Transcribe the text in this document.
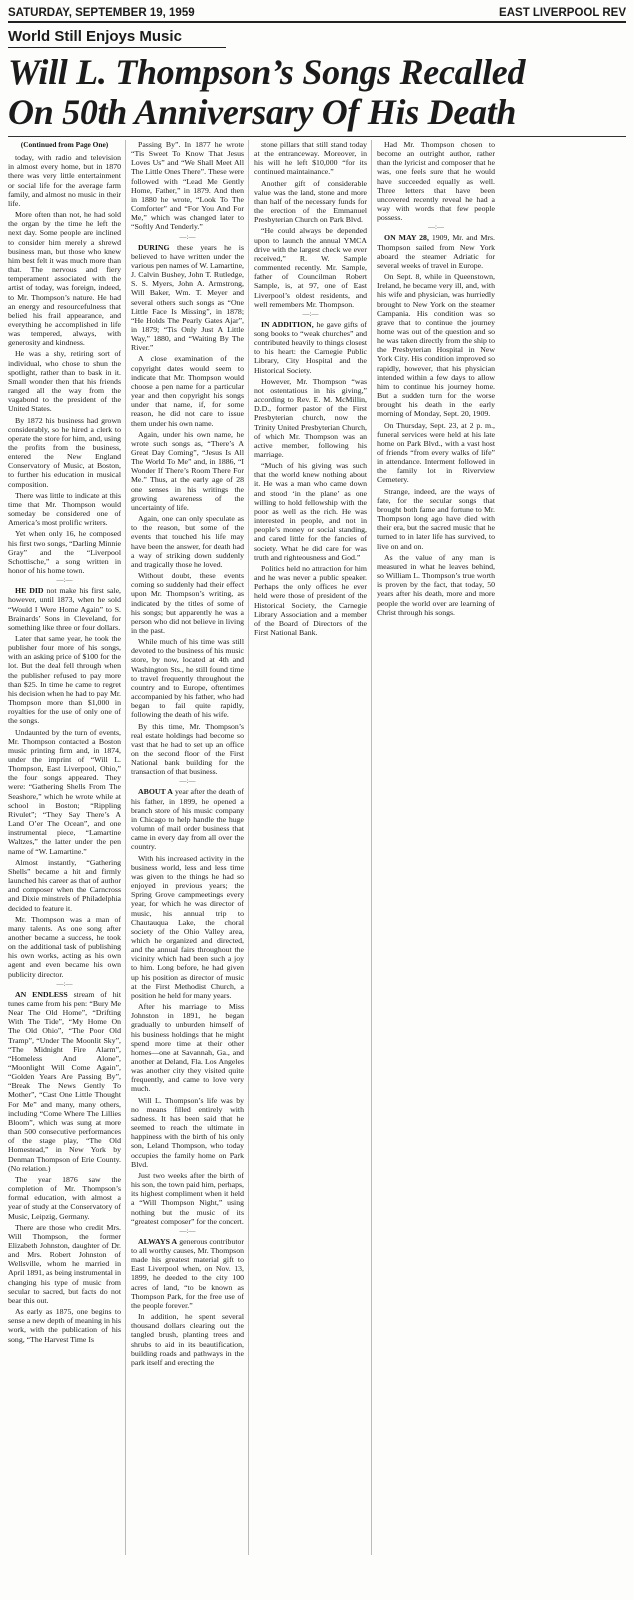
SATURDAY, SEPTEMBER 19, 1959	EAST LIVERPOOL REV
World Still Enjoys Music
Will L. Thompson’s Songs Recalled
On 50th Anniversary Of His Death

(Continued from Page One)

today, with radio and television in almost every home, but in 1870 there was very little entertainment or social life for the average farm family, and almost no music in their life.

More often than not, he had sold the organ by the time he left the next day. Some people are inclined to consider him merely a shrewd business man, but those who knew him best felt it was much more than that. The nervous and fiery temperament associated with the artist of today, was foreign, indeed, to Mr. Thompson’s nature. He had an energy and resourcefulness that belied his frail appearance, and everything he accomplished in life was tempered, always, with generosity and kindness.

He was a shy, retiring sort of individual, who chose to shun the spotlight, rather than to bask in it. Small wonder then that his friends ranged all the way from the vagabond to the president of the United States.

By 1872 his business had grown considerably, so he hired a clerk to operate the store for him, and, using the profits from the business, entered the New England Conservatory of Music, at Boston, to further his education in musical composition.

There was little to indicate at this time that Mr. Thompson would someday be considered one of America’s most prolific writers.

Yet when only 16, he composed his first two songs, “Darling Minnie Gray” and the “Liverpool Schottische,” a song written in honor of his home town.

—:—

HE DID not make his first sale, however, until 1873, when he sold “Would I Were Home Again” to S. Brainards’ Sons in Cleveland, for something like three or four dollars.

Later that same year, he took the publisher four more of his songs, with an asking price of $100 for the lot. But the deal fell through when the publisher refused to pay more than $25. In time he came to regret his decision when he had to pay Mr. Thompson more than $1,000 in royalties for the use of only one of the songs.

Undaunted by the turn of events, Mr. Thompson contacted a Boston music printing firm and, in 1874, under the imprint of “Will L. Thompson, East Liverpool, Ohio,” the four songs appeared. They were: “Gathering Shells From The Seashore,” which he wrote while at school in Boston; “Rippling Rivulet”; “They Say There’s A Land O’er The Ocean”, and one instrumental piece, “Lamartine Waltzes,” the latter under the pen name of “W. Lamartine.”

Almost instantly, “Gathering Shells” became a hit and firmly launched his career as that of author and composer when the Carncross and Dixie minstrels of Philadelphia decided to feature it.

Mr. Thompson was a man of many talents. As one song after another became a success, he took on the additional task of publishing his own works, acting as his own agent and even became his own publicity director.

—:—

AN ENDLESS stream of hit tunes came from his pen: “Bury Me Near The Old Home”, “Drifting With The Tide”, “My Home On The Old Ohio”, “The Poor Old Tramp”, “Under The Moonlit Sky”, “The Midnight Fire Alarm”, “Homeless And Alone”, “Moonlight Will Come Again”, “Golden Years Are Passing By”, “Break The News Gently To Mother”, “Cast One Little Thought For Me” and many, many others, including “Come Where The Lillies Bloom”, which was sung at more than 500 consecutive performances of the stage play, “The Old Homestead,” in New York by Denman Thompson of Erie County. (No relation.)

The year 1876 saw the completion of Mr. Thompson’s formal education, with almost a year of study at the Conservatory of Music, Leipzig, Germany.

There are those who credit Mrs. Will Thompson, the former Elizabeth Johnston, daughter of Dr. and Mrs. Robert Johnston of Wellsville, whom he married in April 1891, as being instrumental in changing his type of music from secular to sacred, but facts do not bear this out.

As early as 1875, one begins to sense a new depth of meaning in his work, with the publication of his song, “The Harvest Time Is

Passing By”. In 1877 he wrote “Tis Sweet To Know That Jesus Loves Us” and “We Shall Meet All The Little Ones There”. These were followed with “Lead Me Gently Home, Father,” in 1879. And then in 1880 he wrote, “Look To The Comforter” and “For You And For Me,” which was changed later to “Softly And Tenderly.”

—:—

DURING these years he is believed to have written under the various pen names of W. Lamartine, J. Calvin Bushey, John T. Rutledge, S. S. Myers, John A. Armstrong, Will Baker, Wm. T. Meyer and several others such songs as “One Little Face Is Missing”, in 1878; “He Holds The Pearly Gates Ajar”, in 1879; “Tis Only Just A Little Way,” 1880, and “Waiting By The River.”

A close examination of the copyright dates would seem to indicate that Mr. Thompson would choose a pen name for a particular year and then copyright his songs under that name, if, for some reason, he did not care to issue them under his own name.

Again, under his own name, he wrote such songs as, “There’s A Great Day Coming”, “Jesus Is All The World To Me” and, in 1886, “I Wonder If There’s Room There For Me.” Thus, at the early age of 28 one senses in his writings the growing awareness of the uncertainty of life.

Again, one can only speculate as to the reason, but some of the events that touched his life may have been the answer, for death had a way of striking down suddenly and tragically those he loved.

Without doubt, these events coming so suddenly had their effect upon Mr. Thompson’s writing, as indicated by the titles of some of his songs; but apparently he was a person who did not believe in living in the past.

While much of his time was still devoted to the business of his music store, by now, located at 4th and Washington Sts., he still found time to travel frequently throughout the country and to Europe, oftentimes accompanied by his father, who had began to fail quite rapidly, following the death of his wife.

By this time, Mr. Thompson’s real estate holdings had become so vast that he had to set up an office on the second floor of the First National bank building for the transaction of that business.

—:—

ABOUT A year after the death of his father, in 1899, he opened a branch store of his music company in Chicago to help handle the huge volumn of mail order business that came in every day from all over the country.

With his increased activity in the business world, less and less time was given to the things he had so enjoyed in previous years; the Spring Grove campmeetings every year, for which he was director of music, his annual trip to Chautauqua Lake, the choral society of the Ohio Valley area, which he organized and directed, and the annual fairs throughout the vicinity which had been such a joy to him. Long before, he had given up his position as director of music at the First Methodist Church, a position he held for many years.

After his marriage to Miss Johnston in 1891, he began gradually to unburden himself of his business holdings that he might spend more time at their other homes—one at Savannah, Ga., and another at Deland, Fla. Los Angeles was another city they visited quite frequently, and came to love very much.

Will L. Thompson’s life was by no means filled entirely with sadness. It has been said that he seemed to reach the ultimate in happiness with the birth of his only son, Leland Thompson, who today occupies the family home on Park Blvd.

Just two weeks after the birth of his son, the town paid him, perhaps, its highest compliment when it held a “Will Thompson Night,” using nothing but the music of its “greatest composer” for the concert.

—:—

ALWAYS A generous contributor to all worthy causes, Mr. Thompson made his greatest material gift to East Liverpool when, on Nov. 13, 1899, he deeded to the city 100 acres of land, “to be known as Thompson Park, for the free use of the people forever.”

In addition, he spent several thousand dollars clearing out the tangled brush, planting trees and shrubs to aid in its beautification, building roads and pathways in the park itself and erecting the

stone pillars that still stand today at the entranceway. Moreover, in his will he left $10,000 “for its continued maintainance.”

Another gift of considerable value was the land, stone and more than half of the necessary funds for the erection of the Emmanuel Presbyterian Church on Park Blvd.

“He could always be depended upon to launch the annual YMCA drive with the largest check we ever received,” R. W. Sample commented recently. Mr. Sample, father of Councilman Robert Sample, is, at 97, one of East Liverpool’s oldest residents, and well remembers Mr. Thompson.

—:—

IN ADDITION, he gave gifts of song books to “weak churches” and contributed heavily to things closest to his heart: the Carnegie Public Library, City Hospital and the Historical Society.

However, Mr. Thompson “was not ostentatious in his giving,” according to Rev. E. M. McMillin, D.D., former pastor of the First Presbyterian church, now the Trinity United Presbyterian Church, of which Mr. Thompson was an active member, following his marriage.

“Much of his giving was such that the world knew nothing about it. He was a man who came down and stood ‘in the plane’ as one willing to hold fellowship with the poor as well as the rich. He was interested in people, and not in people’s money or social standing, and cared little for the fancies of society. What he did care for was truth and righteousness and God.”

Politics held no attraction for him and he was never a public speaker. Perhaps the only offices he ever held were those of president of the Historical Society, the Carnegie Library Association and a member of the Board of Directors of the First National Bank.

Had Mr. Thompson chosen to become an outright author, rather than the lyricist and composer that he was, one feels sure that he would have succeeded equally as well. Three letters that have been uncovered recently reveal he had a way with words that few people possess.

—:—

ON MAY 28, 1909, Mr. and Mrs. Thompson sailed from New York aboard the steamer Adriatic for several weeks of travel in Europe.

On Sept. 8, while in Queenstown, Ireland, he became very ill, and, with his wife and physician, was hurriedly brought to New York on the steamer Campania. His condition was so grave that to continue the journey home was out of the question and so he was taken directly from the ship to the Presbyterian Hospital in New York City. His condition improved so rapidly, however, that his physician intended within a few days to allow him to continue his journey home. But a sudden turn for the worse brought his death in the early morning of Monday, Sept. 20, 1909.

On Thursday, Sept. 23, at 2 p. m., funeral services were held at his late home on Park Blvd., with a vast host of friends “from every walks of life” in attendance. Interment followed in the family lot in Riverview Cemetery.

Strange, indeed, are the ways of fate, for the secular songs that brought both fame and fortune to Mr. Thompson long ago have died with their era, but the sacred music that he turned to in later life has survived, to live on and on.

As the value of any man is measured in what he leaves behind, so William L. Thompson’s true worth is proven by the fact, that today, 50 years after his death, more and more people the world over are learning of Christ through his songs.
